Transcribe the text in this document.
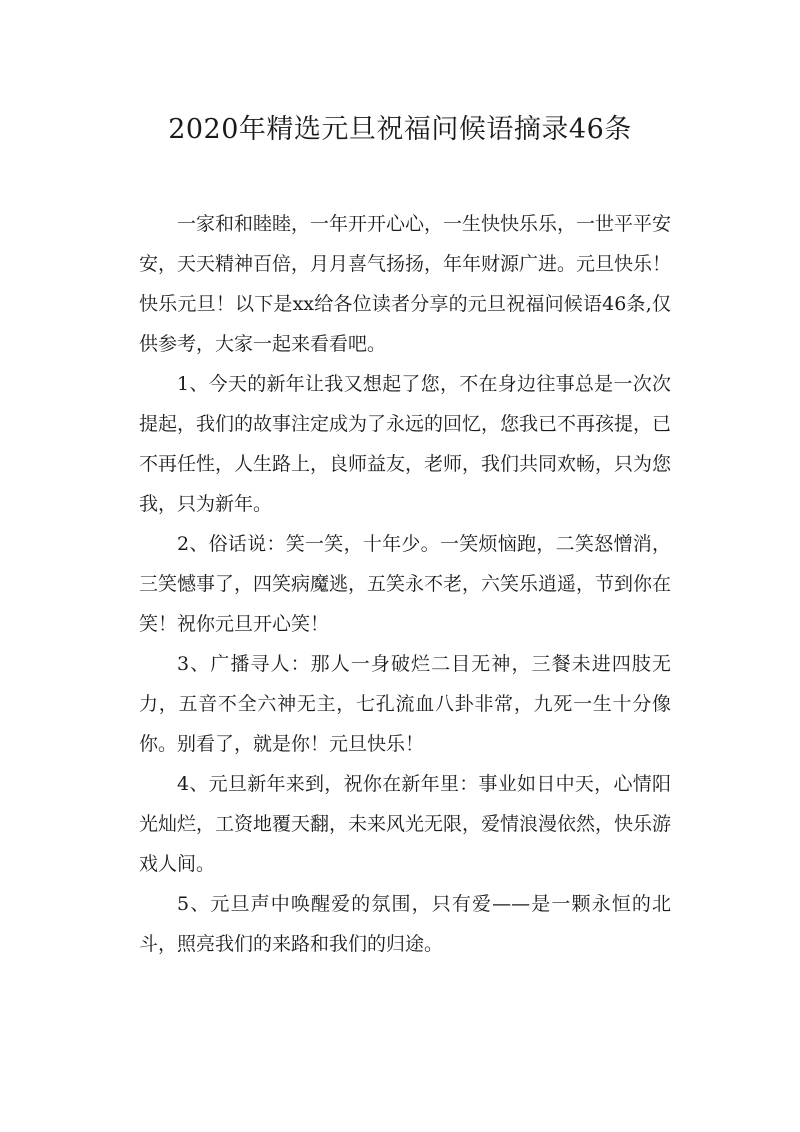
2020年精选元旦祝福问候语摘录46条

一家和和睦睦，一年开开心心，一生快快乐乐，一世平平安安，天天精神百倍，月月喜气扬扬，年年财源广进。元旦快乐！快乐元旦！以下是xx给各位读者分享的元旦祝福问候语46条,仅供参考，大家一起来看看吧。

1、今天的新年让我又想起了您，不在身边往事总是一次次提起，我们的故事注定成为了永远的回忆，您我已不再孩提，已不再任性，人生路上，良师益友，老师，我们共同欢畅，只为您我，只为新年。

2、俗话说：笑一笑，十年少。一笑烦恼跑，二笑怒憎消，三笑憾事了，四笑病魔逃，五笑永不老，六笑乐逍遥，节到你在笑！祝你元旦开心笑！

3、广播寻人：那人一身破烂二目无神，三餐未进四肢无力，五音不全六神无主，七孔流血八卦非常，九死一生十分像你。别看了，就是你！元旦快乐！

4、元旦新年来到，祝你在新年里：事业如日中天，心情阳光灿烂，工资地覆天翻，未来风光无限，爱情浪漫依然，快乐游戏人间。

5、元旦声中唤醒爱的氛围，只有爱——是一颗永恒的北斗，照亮我们的来路和我们的归途。
